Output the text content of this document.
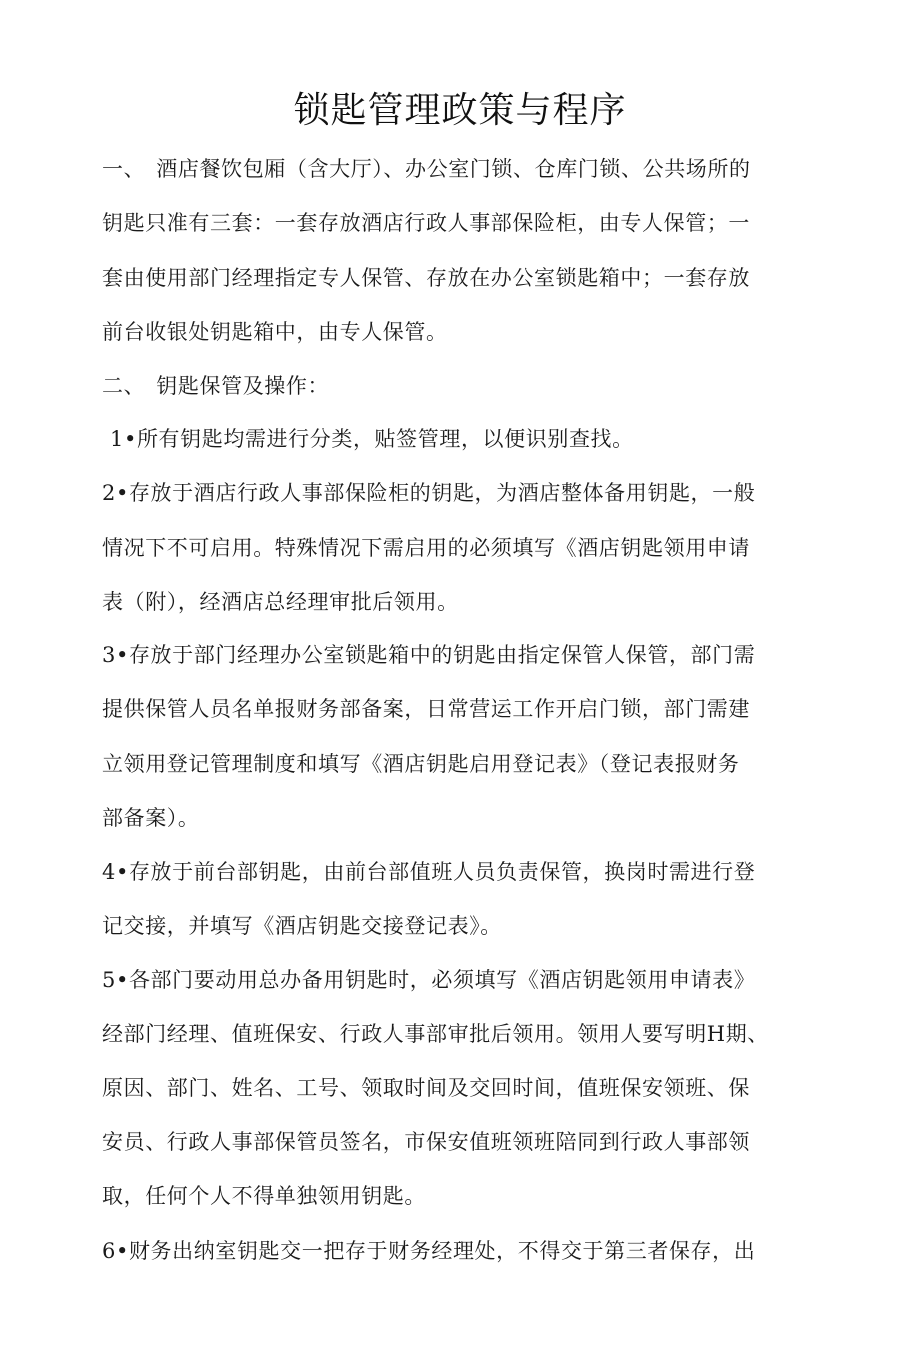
锁匙管理政策与程序
一、　酒店餐饮包厢（含大厅）、办公室门锁、仓库门锁、公共场所的
钥匙只准有三套：一套存放酒店行政人事部保险柜，由专人保管；一
套由使用部门经理指定专人保管、存放在办公室锁匙箱中；一套存放
前台收银处钥匙箱中，由专人保管。
二、　钥匙保管及操作：
1•所有钥匙均需进行分类，贴签管理，以便识别查找。
2•存放于酒店行政人事部保险柜的钥匙，为酒店整体备用钥匙，一般
情况下不可启用。特殊情况下需启用的必须填写《酒店钥匙领用申请
表（附），经酒店总经理审批后领用。
3•存放于部门经理办公室锁匙箱中的钥匙由指定保管人保管，部门需
提供保管人员名单报财务部备案，日常营运工作开启门锁，部门需建
立领用登记管理制度和填写《酒店钥匙启用登记表》（登记表报财务
部备案）。
4•存放于前台部钥匙，由前台部值班人员负责保管，换岗时需进行登
记交接，并填写《酒店钥匙交接登记表》。
5•各部门要动用总办备用钥匙时，必须填写《酒店钥匙领用申请表》
经部门经理、值班保安、行政人事部审批后领用。领用人要写明H期、
原因、部门、姓名、工号、领取时间及交回时间，值班保安领班、保
安员、行政人事部保管员签名，市保安值班领班陪同到行政人事部领
取，任何个人不得单独领用钥匙。
6•财务出纳室钥匙交一把存于财务经理处，不得交于第三者保存，出
